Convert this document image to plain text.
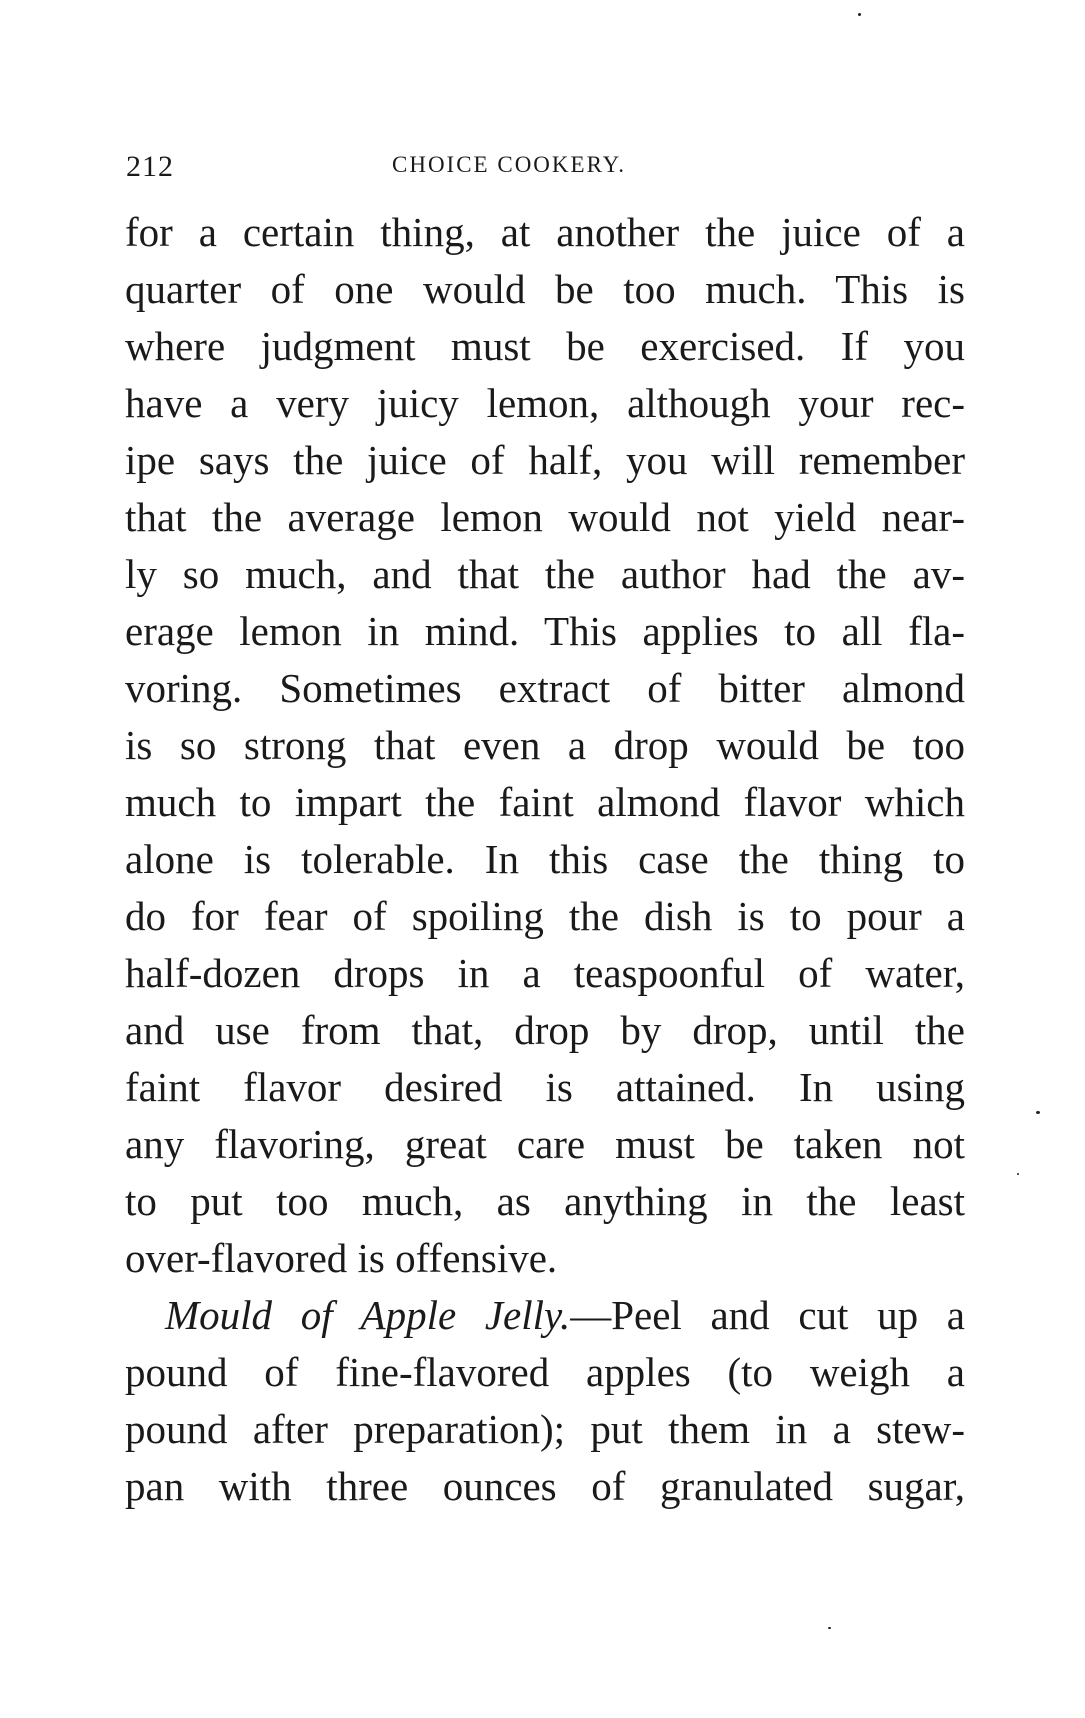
212	CHOICE COOKERY.
for a certain thing, at another the juice of a
quarter of one would be too much. This is
where judgment must be exercised. If you
have a very juicy lemon, although your rec-
ipe says the juice of half, you will remember
that the average lemon would not yield near-
ly so much, and that the author had the av-
erage lemon in mind. This applies to all fla-
voring. Sometimes extract of bitter almond
is so strong that even a drop would be too
much to impart the faint almond flavor which
alone is tolerable. In this case the thing to
do for fear of spoiling the dish is to pour a
half-dozen drops in a teaspoonful of water,
and use from that, drop by drop, until the
faint flavor desired is attained. In using
any flavoring, great care must be taken not
to put too much, as anything in the least
over-flavored is offensive.
Mould of Apple Jelly.—Peel and cut up a
pound of fine-flavored apples (to weigh a
pound after preparation); put them in a stew-
pan with three ounces of granulated sugar,
